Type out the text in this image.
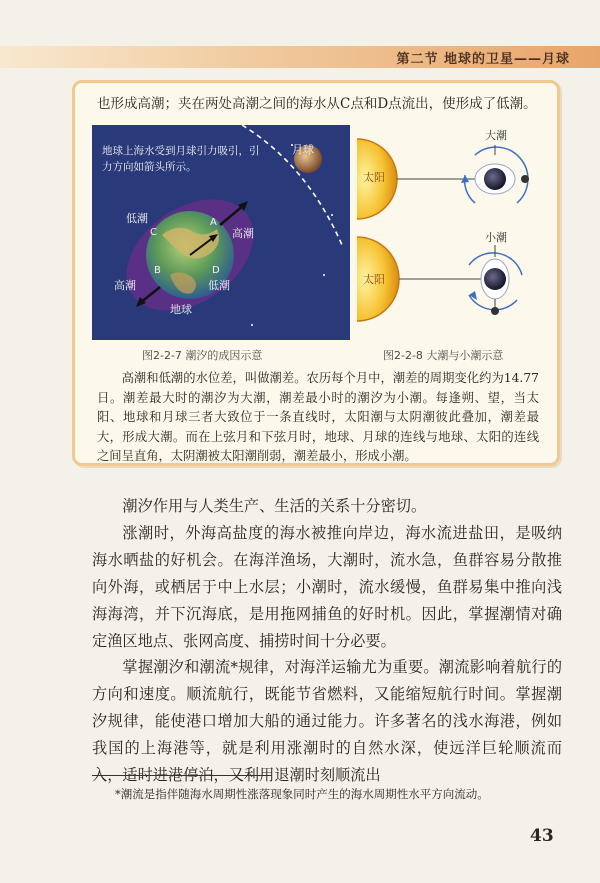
第二节 地球的卫星——月球
也形成高潮；夹在两处高潮之间的海水从C点和D点流出，使形成了低潮。
地球上海水受到月球引力吸引，引力方向如箭头所示。
月球
低潮
高潮
高潮	低潮
地球
A
B
C
D
太阳
太阳
大潮
小潮
图2-2-7 潮汐的成因示意	图2-2-8 大潮与小潮示意
高潮和低潮的水位差，叫做潮差。农历每个月中，潮差的周期变化约为14.77日。潮差最大时的潮汐为大潮，潮差最小时的潮汐为小潮。每逢朔、望，当太阳、地球和月球三者大致位于一条直线时，太阳潮与太阴潮彼此叠加，潮差最大，形成大潮。而在上弦月和下弦月时，地球、月球的连线与地球、太阳的连线之间呈直角，太阴潮被太阳潮削弱，潮差最小，形成小潮。

潮汐作用与人类生产、生活的关系十分密切。

涨潮时，外海高盐度的海水被推向岸边，海水流进盐田，是吸纳海水晒盐的好机会。在海洋渔场，大潮时，流水急，鱼群容易分散推向外海，或栖居于中上水层；小潮时，流水缓慢，鱼群易集中推向浅海海湾，并下沉海底，是用拖网捕鱼的好时机。因此，掌握潮情对确定渔区地点、张网高度、捕捞时间十分必要。

掌握潮汐和潮流*规律，对海洋运输尤为重要。潮流影响着航行的方向和速度。顺流航行，既能节省燃料，又能缩短航行时间。掌握潮汐规律，能使港口增加大船的通过能力。许多著名的浅水海港，例如我国的上海港等，就是利用涨潮时的自然水深，使远洋巨轮顺流而入，适时进港停泊，又利用退潮时刻顺流出

*潮流是指伴随海水周期性涨落现象同时产生的海水周期性水平方向流动。
43
